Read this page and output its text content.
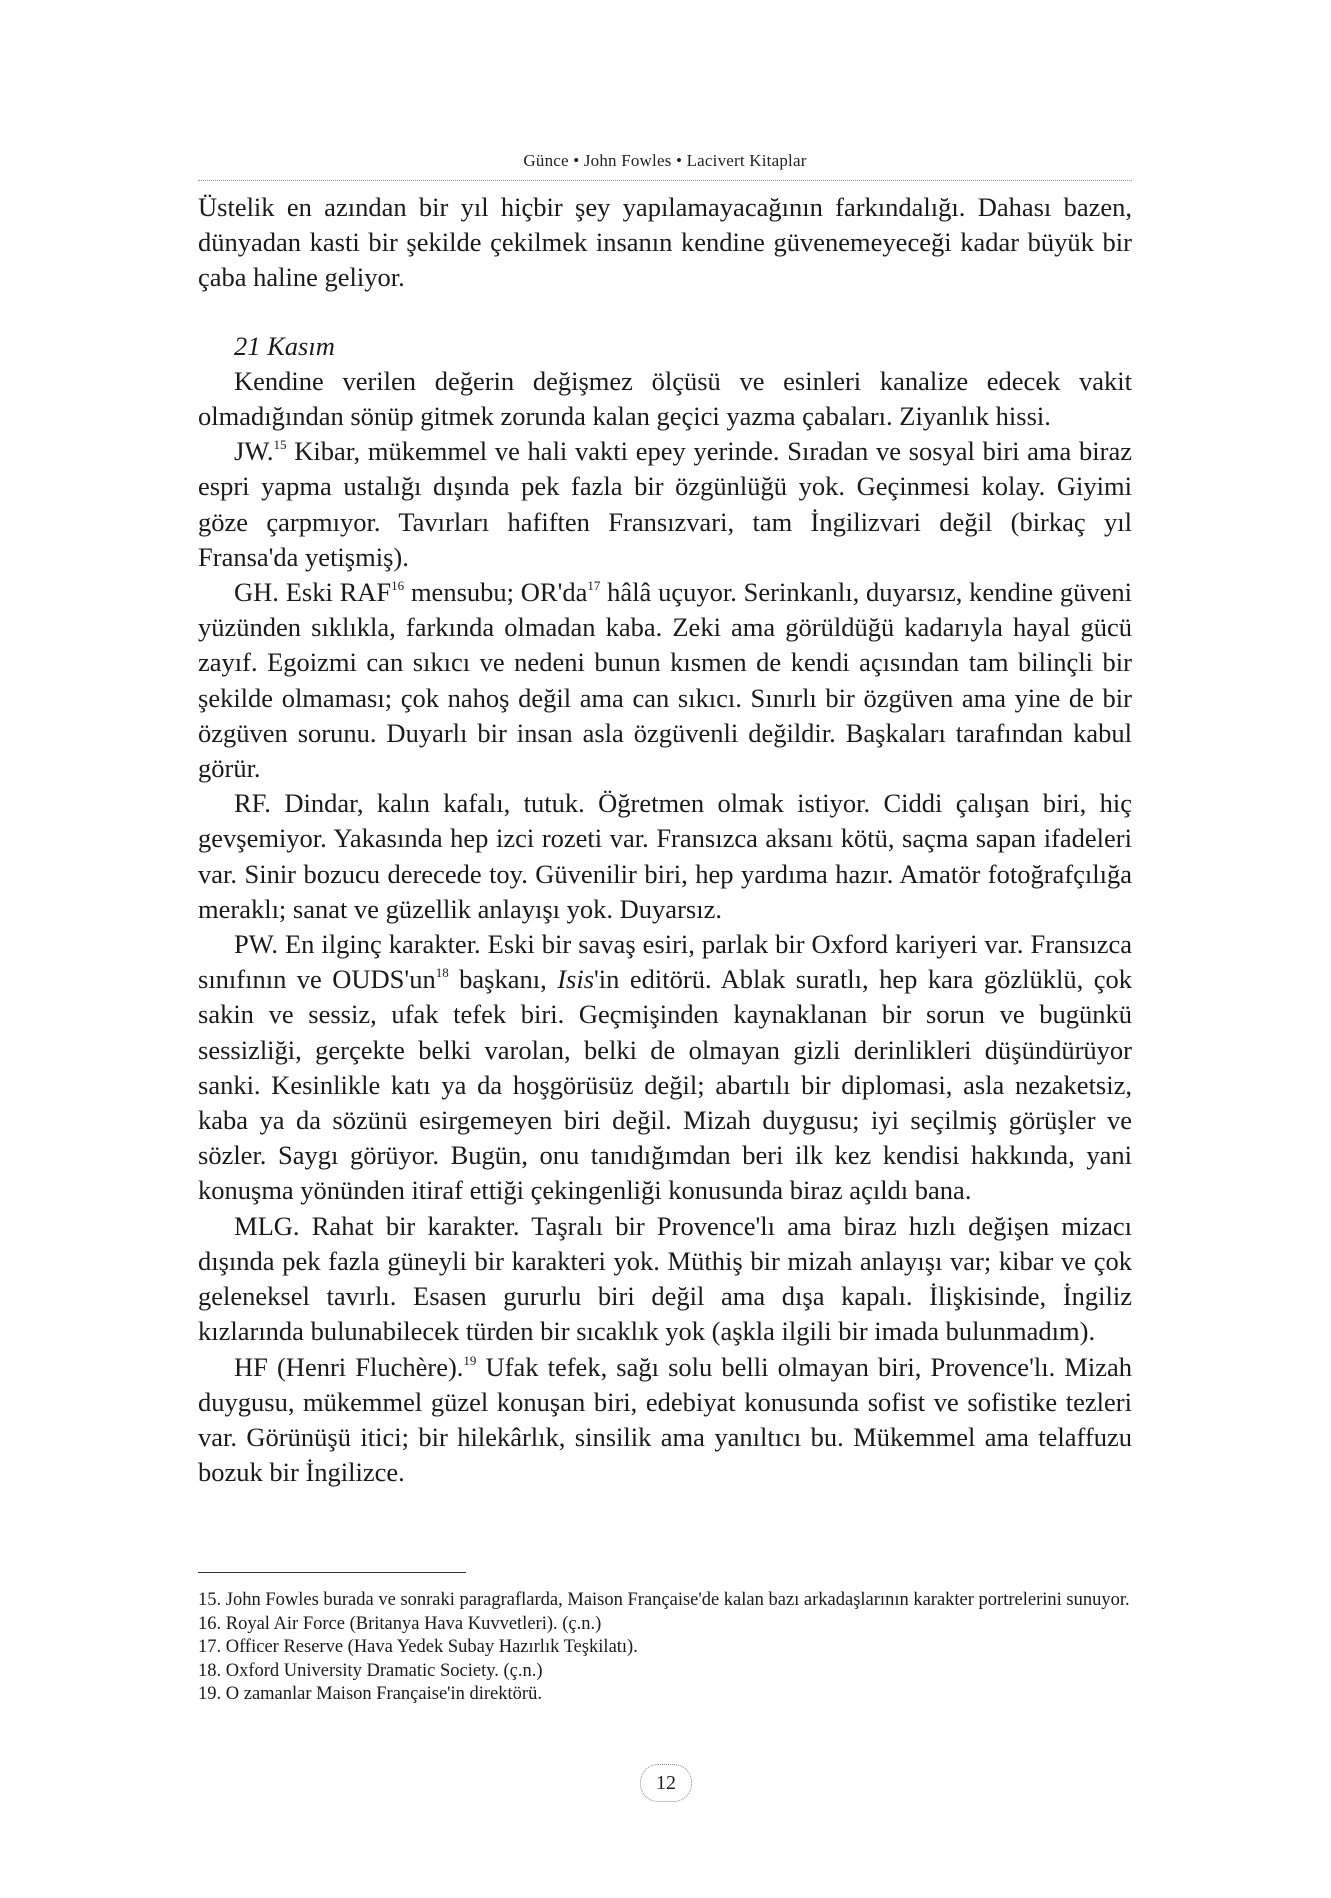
Günce • John Fowles • Lacivert Kitaplar

Üstelik en azından bir yıl hiçbir şey yapılamayacağının farkındalığı. Dahası bazen, dünyadan kasti bir şekilde çekilmek insanın kendine güvenemeyeceği kadar büyük bir çaba haline geliyor.

21 Kasım

Kendine verilen değerin değişmez ölçüsü ve esinleri kanalize edecek vakit olmadığından sönüp gitmek zorunda kalan geçici yazma çabaları. Ziyanlık hissi.

JW.$^{15}$ Kibar, mükemmel ve hali vakti epey yerinde. Sıradan ve sosyal biri ama biraz espri yapma ustalığı dışında pek fazla bir özgünlüğü yok. Geçinmesi kolay. Giyimi göze çarpmıyor. Tavırları hafiften Fransızvari, tam İngilizvari değil (birkaç yıl Fransa'da yetişmiş).

GH. Eski RAF$^{16}$ mensubu; $OR'da^{17}$ hâlâ uçuyor. Serinkanlı, duyarsız, kendine güveni yüzünden sıklıkla, farkında olmadan kaba. Zeki ama görüldüğü kadarıyla hayal gücü zayıf. Egoizmi can sıkıcı ve nedeni bunun kısmen de kendi açısından tam bilinçli bir şekilde olmaması; çok nahoş değil ama can sıkıcı. Sınırlı bir özgüven ama yine de bir özgüven sorunu. Duyarlı bir insan asla özgüvenli değildir. Başkaları tarafından kabul görür.

RF. Dindar, kalın kafalı, tutuk. Öğretmen olmak istiyor. Ciddi çalışan biri, hiç gevşemiyor. Yakasında hep izci rozeti var. Fransızca aksanı kötü, saçma sapan ifadeleri var. Sinir bozucu derecede toy. Güvenilir biri, hep yardıma hazır. Amatör fotoğrafçılığa meraklı; sanat ve güzellik anlayışı yok. Duyarsız.

PW. En ilginç karakter. Eski bir savaş esiri, parlak bir Oxford kariyeri var. Fransızca sınıfının ve $OUDS'un^{18}$ başkanı, Isis'in editörü. Ablak suratlı, hep kara gözlüklü, çok sakin ve sessiz, ufak tefek biri. Geçmişinden kaynaklanan bir sorun ve bugünkü sessizliği, gerçekte belki varolan, belki de olmayan gizli derinlikleri düşündürüyor sanki. Kesinlikle katı ya da hoşgörüsüz değil; abartılı bir diplomasi, asla nezaketsiz, kaba ya da sözünü esirgemeyen biri değil. Mizah duygusu; iyi seçilmiş görüşler ve sözler. Saygı görüyor. Bugün, onu tanıdığımdan beri ilk kez kendisi hakkında, yani konuşma yönünden itiraf ettiği çekingenliği konusunda biraz açıldı bana.

MLG. Rahat bir karakter. Taşralı bir Provence'lı ama biraz hızlı değişen mizacı dışında pek fazla güneyli bir karakteri yok. Müthiş bir mizah anlayışı var; kibar ve çok geleneksel tavırlı. Esasen gururlu biri değil ama dışa kapalı. İlişkisinde, İngiliz kızlarında bulunabilecek türden bir sıcaklık yok (aşkla ilgili bir imada bulunmadım).

HF (Henri Fluchère).$^{19}$ Ufak tefek, sağı solu belli olmayan biri, Provence'lı. Mizah duygusu, mükemmel güzel konuşan biri, edebiyat konusunda sofist ve sofistike tezleri var. Görünüşü itici; bir hilekârlık, sinsilik ama yanıltıcı bu. Mükemmel ama telaffuzu bozuk bir İngilizce.

15. John Fowles burada ve sonraki paragraflarda, Maison Française'de kalan bazı arkadaşlarının karakter portrelerini sunuyor.

16. Royal Air Force (Britanya Hava Kuvvetleri). (ç.n.)

17. Officer Reserve (Hava Yedek Subay Hazırlık Teşkilatı).

18. Oxford University Dramatic Society. (ç.n.)

19. O zamanlar Maison Française'in direktörü.

12
